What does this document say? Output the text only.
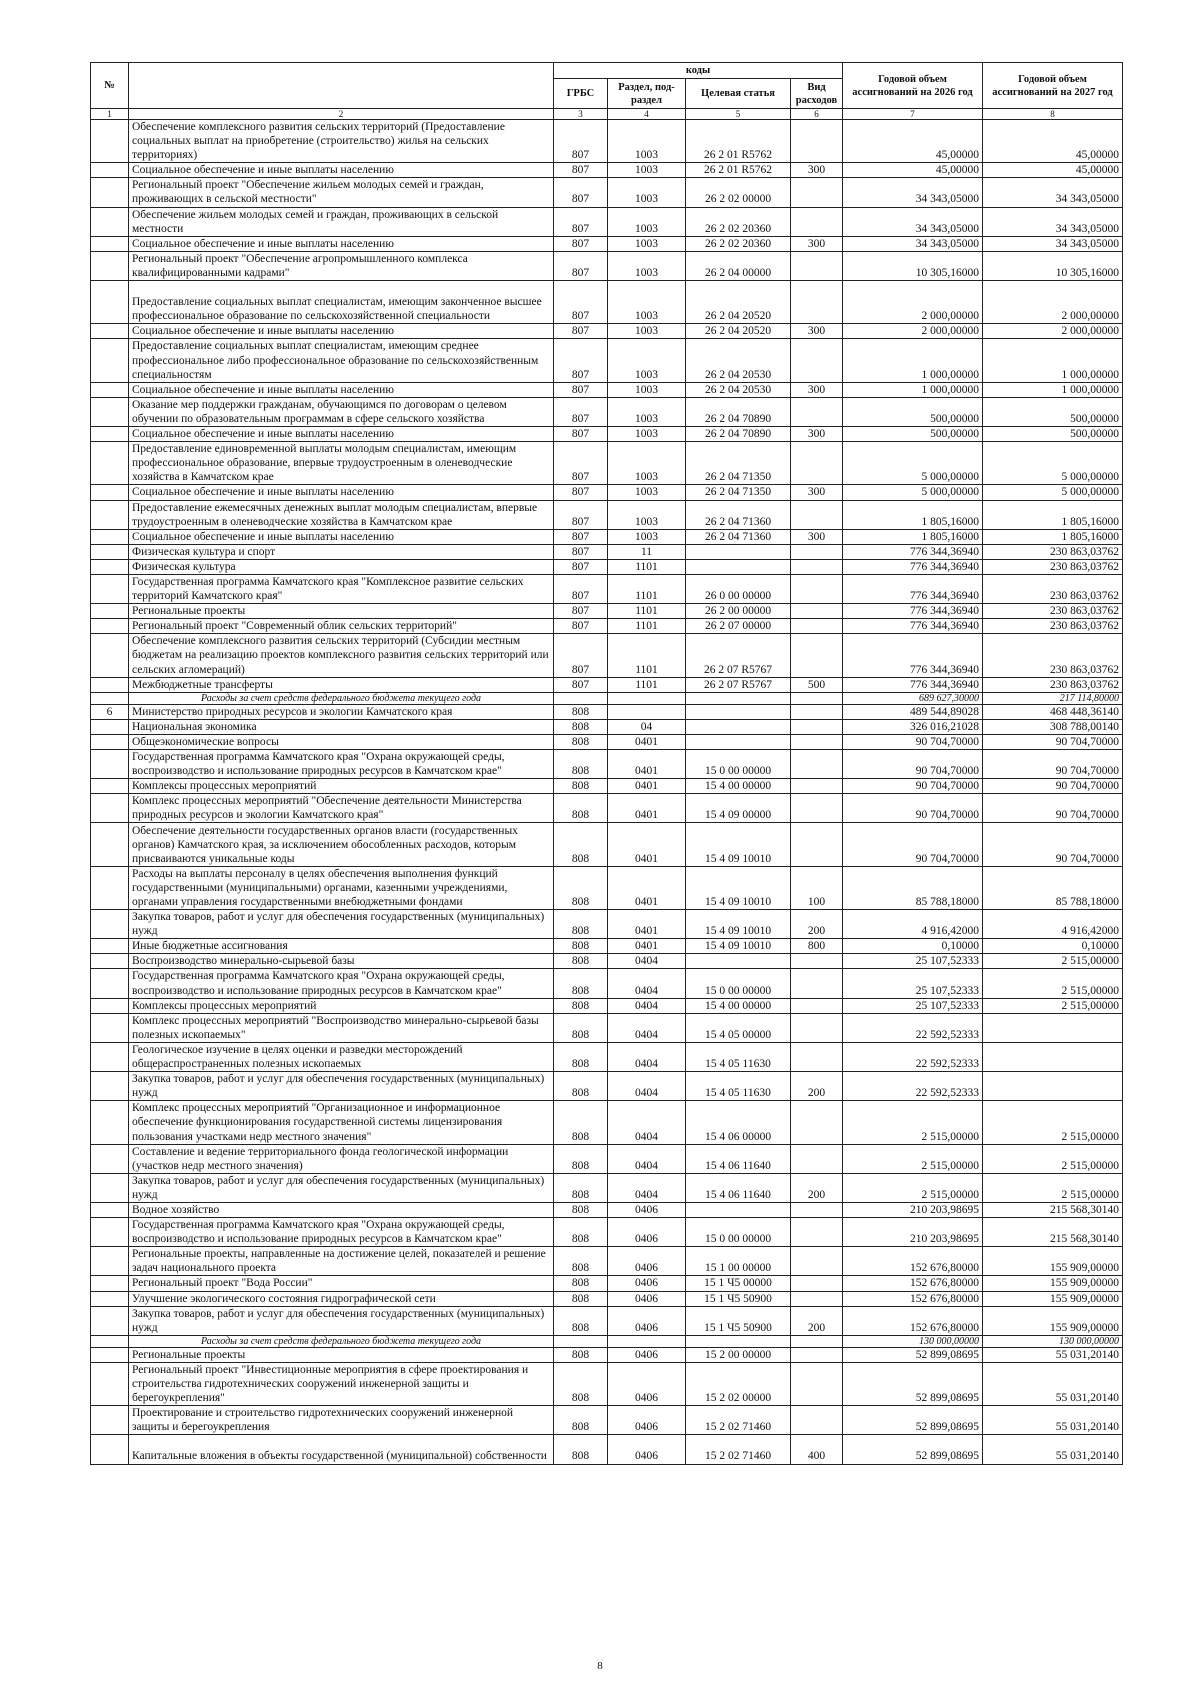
№		коды				Годовой объем ассигнований на 2026 год	Годовой объем ассигнований на 2027 год
		ГРБС	Раздел, под-раздел	Целевая статья	Вид расходов		
1	2	3	4	5	6	7	8
	Обеспечение комплексного развития сельских территорий (Предоставление социальных выплат на приобретение (строительство) жилья на сельских территориях)	807	1003	26 2 01 R5762		45,00000	45,00000
	Социальное обеспечение и иные выплаты населению	807	1003	26 2 01 R5762	300	45,00000	45,00000
	Региональный проект "Обеспечение жильем молодых семей и граждан, проживающих в сельской местности"	807	1003	26 2 02 00000		34 343,05000	34 343,05000
	Обеспечение жильем молодых семей и граждан, проживающих в сельской местности	807	1003	26 2 02 20360		34 343,05000	34 343,05000
	Социальное обеспечение и иные выплаты населению	807	1003	26 2 02 20360	300	34 343,05000	34 343,05000
	Региональный проект "Обеспечение агропромышленного комплекса квалифицированными кадрами"	807	1003	26 2 04 00000		10 305,16000	10 305,16000
	Предоставление социальных выплат специалистам, имеющим законченное высшее профессиональное образование по сельскохозяйственной специальности	807	1003	26 2 04 20520		2 000,00000	2 000,00000
	Социальное обеспечение и иные выплаты населению	807	1003	26 2 04 20520	300	2 000,00000	2 000,00000
	Предоставление социальных выплат специалистам, имеющим среднее профессиональное либо профессиональное образование по сельскохозяйственным специальностям	807	1003	26 2 04 20530		1 000,00000	1 000,00000
	Социальное обеспечение и иные выплаты населению	807	1003	26 2 04 20530	300	1 000,00000	1 000,00000
	Оказание мер поддержки гражданам, обучающимся по договорам о целевом обучении по образовательным программам в сфере сельского хозяйства	807	1003	26 2 04 70890		500,00000	500,00000
	Социальное обеспечение и иные выплаты населению	807	1003	26 2 04 70890	300	500,00000	500,00000
	Предоставление единовременной выплаты молодым специалистам, имеющим профессиональное образование, впервые трудоустроенным в оленеводческие хозяйства в Камчатском крае	807	1003	26 2 04 71350		5 000,00000	5 000,00000
	Социальное обеспечение и иные выплаты населению	807	1003	26 2 04 71350	300	5 000,00000	5 000,00000
	Предоставление ежемесячных денежных выплат молодым специалистам, впервые трудоустроенным в оленеводческие хозяйства в Камчатском крае	807	1003	26 2 04 71360		1 805,16000	1 805,16000
	Социальное обеспечение и иные выплаты населению	807	1003	26 2 04 71360	300	1 805,16000	1 805,16000
	Физическая культура и спорт	807	11			776 344,36940	230 863,03762
	Физическая культура	807	1101			776 344,36940	230 863,03762
	Государственная программа Камчатского края "Комплексное развитие сельских территорий Камчатского края"	807	1101	26 0 00 00000		776 344,36940	230 863,03762
	Региональные проекты	807	1101	26 2 00 00000		776 344,36940	230 863,03762
	Региональный проект "Современный облик сельских территорий"	807	1101	26 2 07 00000		776 344,36940	230 863,03762
	Обеспечение комплексного развития сельских территорий (Субсидии местным бюджетам на реализацию проектов комплексного развития сельских территорий или сельских агломераций)	807	1101	26 2 07 R5767		776 344,36940	230 863,03762
	Межбюджетные трансферты	807	1101	26 2 07 R5767	500	776 344,36940	230 863,03762
	Расходы за счет средств федерального бюджета текущего года					689 627,30000	217 114,80000
6	Министерство природных ресурсов и экологии Камчатского края	808				489 544,89028	468 448,36140
	Национальная экономика	808	04			326 016,21028	308 788,00140
	Общеэкономические вопросы	808	0401			90 704,70000	90 704,70000
	Государственная программа Камчатского края "Охрана окружающей среды, воспроизводство и использование природных ресурсов в Камчатском крае"	808	0401	15 0 00 00000		90 704,70000	90 704,70000
	Комплексы процессных мероприятий	808	0401	15 4 00 00000		90 704,70000	90 704,70000
	Комплекс процессных мероприятий "Обеспечение деятельности Министерства природных ресурсов и экологии Камчатского края"	808	0401	15 4 09 00000		90 704,70000	90 704,70000
	Обеспечение деятельности государственных органов власти (государственных органов) Камчатского края, за исключением обособленных расходов, которым присваиваются уникальные коды	808	0401	15 4 09 10010		90 704,70000	90 704,70000
	Расходы на выплаты персоналу в целях обеспечения выполнения функций государственными (муниципальными) органами, казенными учреждениями, органами управления государственными внебюджетными фондами	808	0401	15 4 09 10010	100	85 788,18000	85 788,18000
	Закупка товаров, работ и услуг для обеспечения государственных (муниципальных) нужд	808	0401	15 4 09 10010	200	4 916,42000	4 916,42000
	Иные бюджетные ассигнования	808	0401	15 4 09 10010	800	0,10000	0,10000
	Воспроизводство минерально-сырьевой базы	808	0404			25 107,52333	2 515,00000
	Государственная программа Камчатского края "Охрана окружающей среды, воспроизводство и использование природных ресурсов в Камчатском крае"	808	0404	15 0 00 00000		25 107,52333	2 515,00000
	Комплексы процессных мероприятий	808	0404	15 4 00 00000		25 107,52333	2 515,00000
	Комплекс процессных мероприятий "Воспроизводство минерально-сырьевой базы полезных ископаемых"	808	0404	15 4 05 00000		22 592,52333	
	Геологическое изучение в целях оценки и разведки месторождений общераспространенных полезных ископаемых	808	0404	15 4 05 11630		22 592,52333	
	Закупка товаров, работ и услуг для обеспечения государственных (муниципальных) нужд	808	0404	15 4 05 11630	200	22 592,52333	
	Комплекс процессных мероприятий "Организационное и информационное обеспечение функционирования государственной системы лицензирования пользования участками недр местного значения"	808	0404	15 4 06 00000		2 515,00000	2 515,00000
	Составление и ведение территориального фонда геологической информации (участков недр местного значения)	808	0404	15 4 06 11640		2 515,00000	2 515,00000
	Закупка товаров, работ и услуг для обеспечения государственных (муниципальных) нужд	808	0404	15 4 06 11640	200	2 515,00000	2 515,00000
	Водное хозяйство	808	0406			210 203,98695	215 568,30140
	Государственная программа Камчатского края "Охрана окружающей среды, воспроизводство и использование природных ресурсов в Камчатском крае"	808	0406	15 0 00 00000		210 203,98695	215 568,30140
	Региональные проекты, направленные на достижение целей, показателей и решение задач национального проекта	808	0406	15 1 00 00000		152 676,80000	155 909,00000
	Региональный проект "Вода России"	808	0406	15 1 Ч5 00000		152 676,80000	155 909,00000
	Улучшение экологического состояния гидрографической сети	808	0406	15 1 Ч5 50900		152 676,80000	155 909,00000
	Закупка товаров, работ и услуг для обеспечения государственных (муниципальных) нужд	808	0406	15 1 Ч5 50900	200	152 676,80000	155 909,00000
	Расходы за счет средств федерального бюджета текущего года					130 000,00000	130 000,00000
	Региональные проекты	808	0406	15 2 00 00000		52 899,08695	55 031,20140
	Региональный проект "Инвестиционные мероприятия в сфере проектирования и строительства гидротехнических сооружений инженерной защиты и берегоукрепления"	808	0406	15 2 02 00000		52 899,08695	55 031,20140
	Проектирование и строительство гидротехнических сооружений инженерной защиты и берегоукрепления	808	0406	15 2 02 71460		52 899,08695	55 031,20140
	Капитальные вложения в объекты государственной (муниципальной) собственности	808	0406	15 2 02 71460	400	52 899,08695	55 031,20140
8
